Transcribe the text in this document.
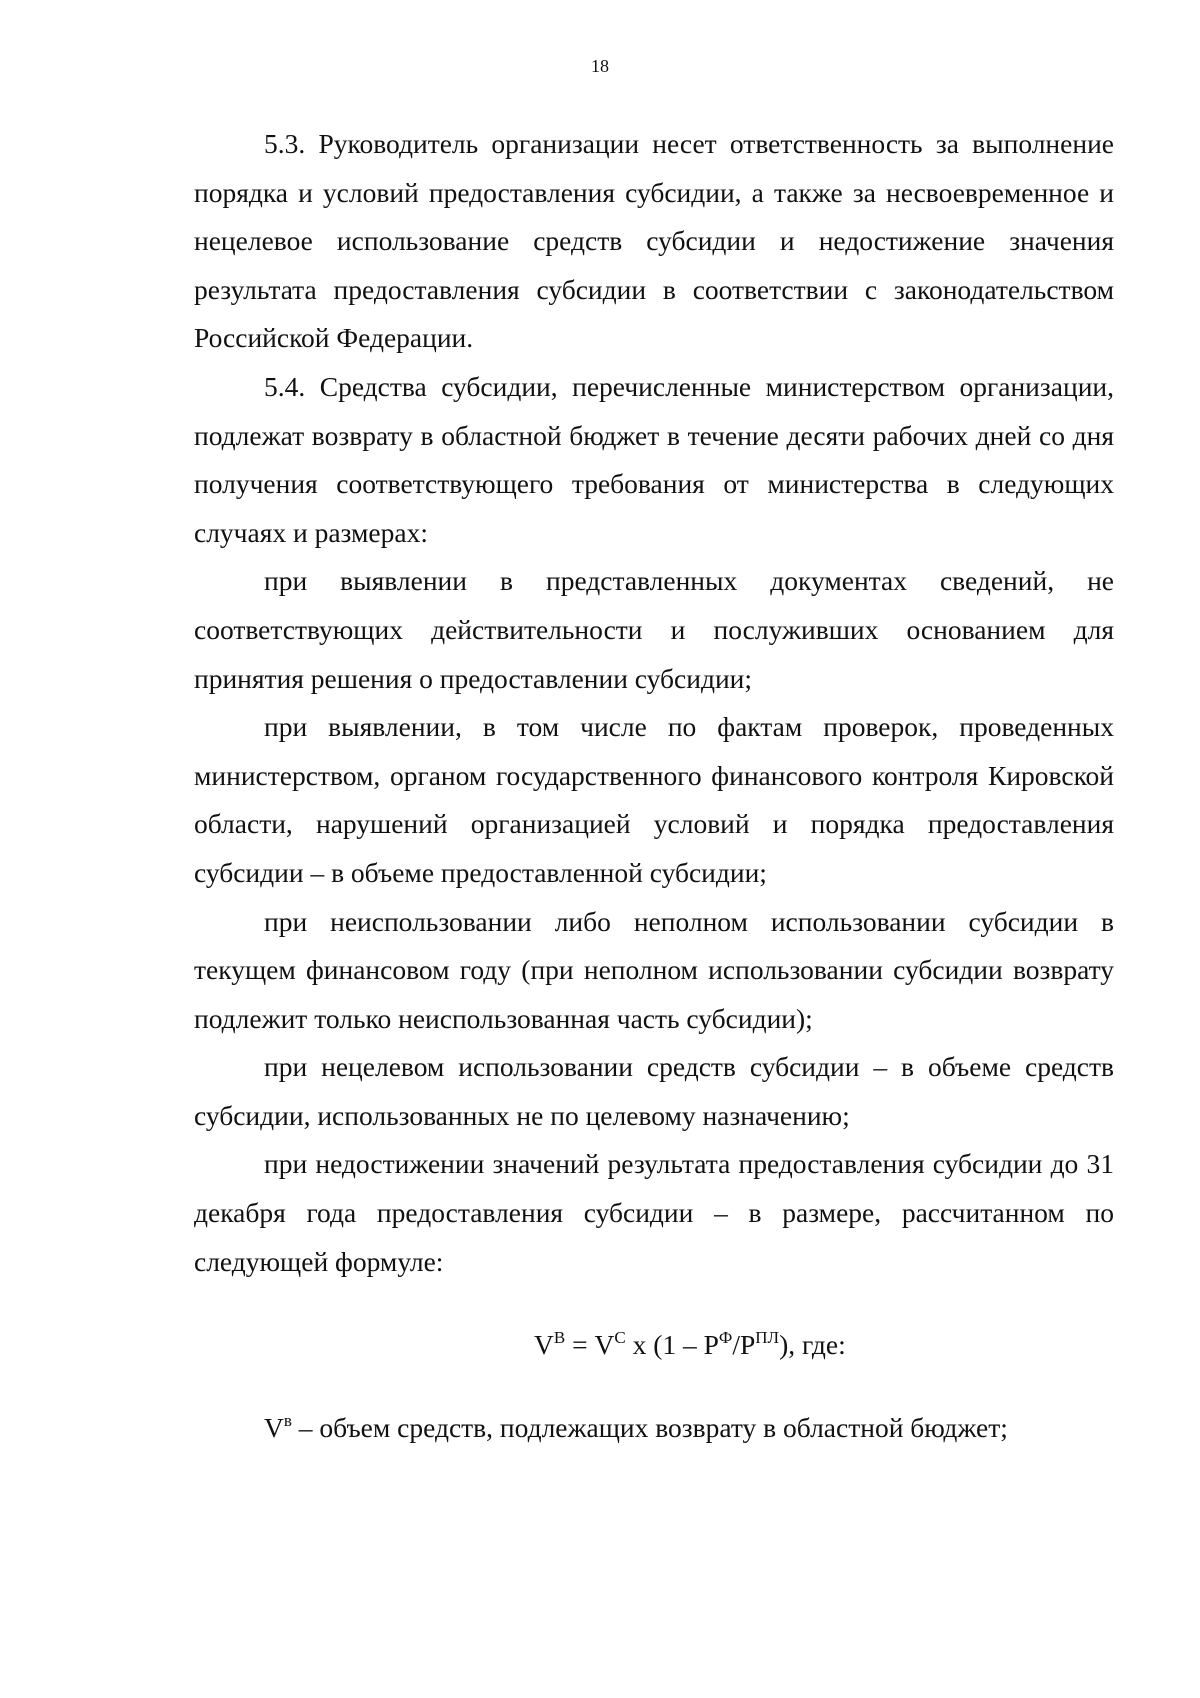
18

5.3. Руководитель организации несет ответственность за выполнение порядка и условий предоставления субсидии, а также за несвоевременное и нецелевое использование средств субсидии и недостижение значения результата предоставления субсидии в соответствии с законодательством Российской Федерации.

5.4. Средства субсидии, перечисленные министерством организации, подлежат возврату в областной бюджет в течение десяти рабочих дней со дня получения соответствующего требования от министерства в следующих случаях и размерах:

при выявлении в представленных документах сведений, не соответствующих действительности и послуживших основанием для принятия решения о предоставлении субсидии;

при выявлении, в том числе по фактам проверок, проведенных министерством, органом государственного финансового контроля Кировской области, нарушений организацией условий и порядка предоставления субсидии – в объеме предоставленной субсидии;

при неиспользовании либо неполном использовании субсидии в текущем финансовом году (при неполном использовании субсидии возврату подлежит только неиспользованная часть субсидии);

при нецелевом использовании средств субсидии – в объеме средств субсидии, использованных не по целевому назначению;

при недостижении значений результата предоставления субсидии до 31 декабря года предоставления субсидии – в размере, рассчитанном по следующей формуле:

$V^В = V^С$ x $(1 - P^Ф/P^{ПЛ})$, где:

$V^в$ – объем средств, подлежащих возврату в областной бюджет;
